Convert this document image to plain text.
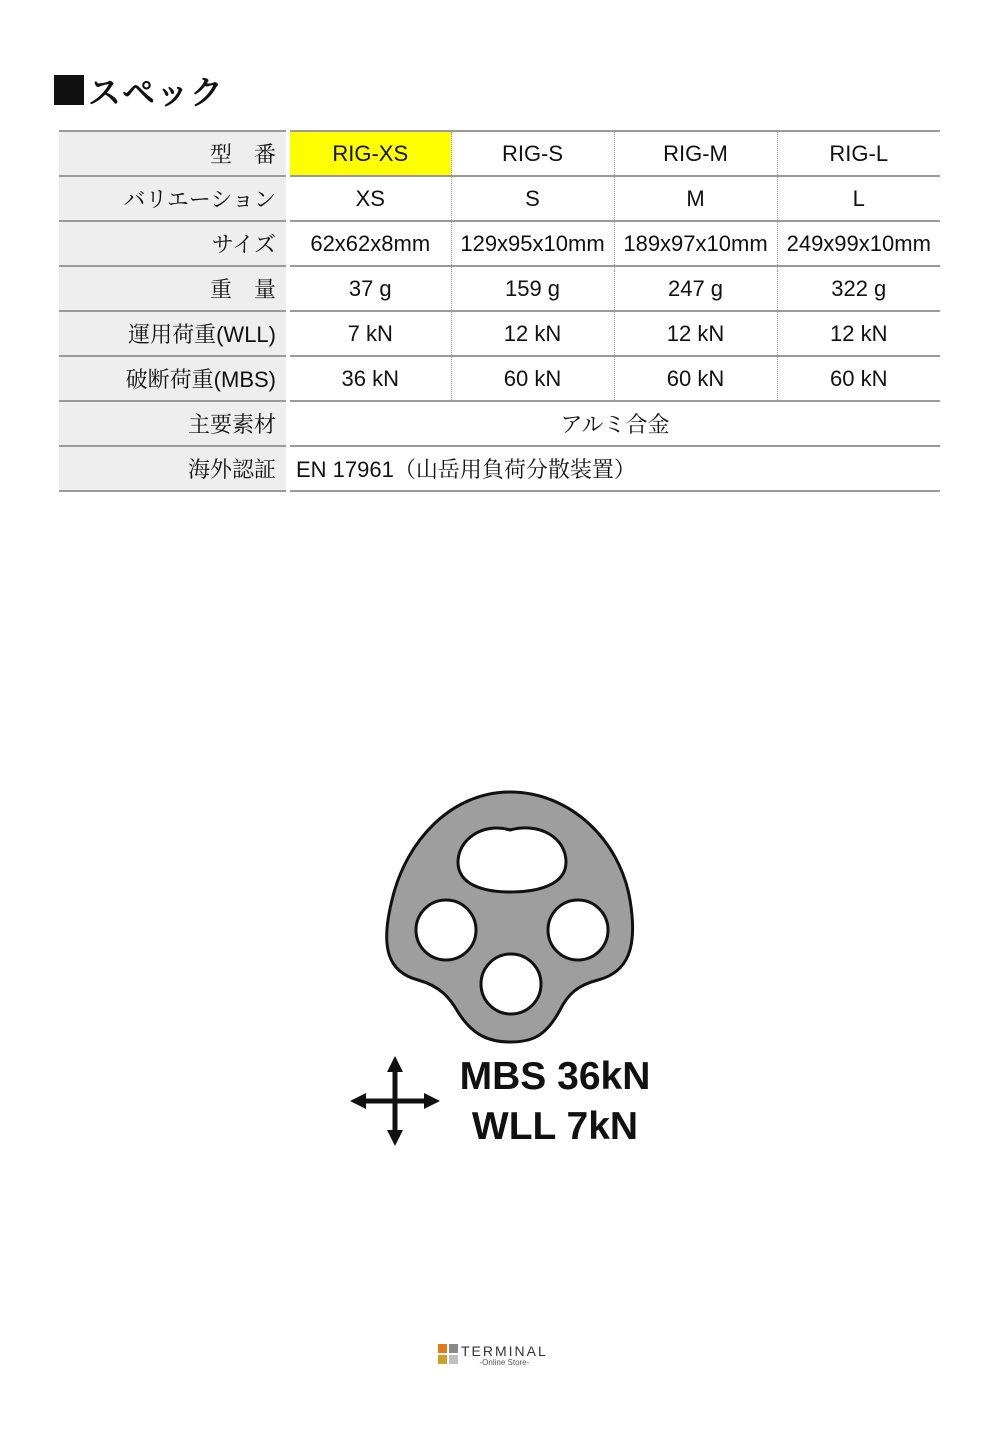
スペック
型　番	RIG-XS	RIG-S	RIG-M	RIG-L
バリエーション	XS	S	M	L
サイズ	62x62x8mm	129x95x10mm	189x97x10mm	249x99x10mm
重　量	37 g	159 g	247 g	322 g
運用荷重(WLL)	7 kN	12 kN	12 kN	12 kN
破断荷重(MBS)	36 kN	60 kN	60 kN	60 kN
主要素材	アルミ合金			
海外認証	EN 17961（山岳用負荷分散装置）			
MBS 36kN
WLL 7kN
TERMINAL
-Online Store-
